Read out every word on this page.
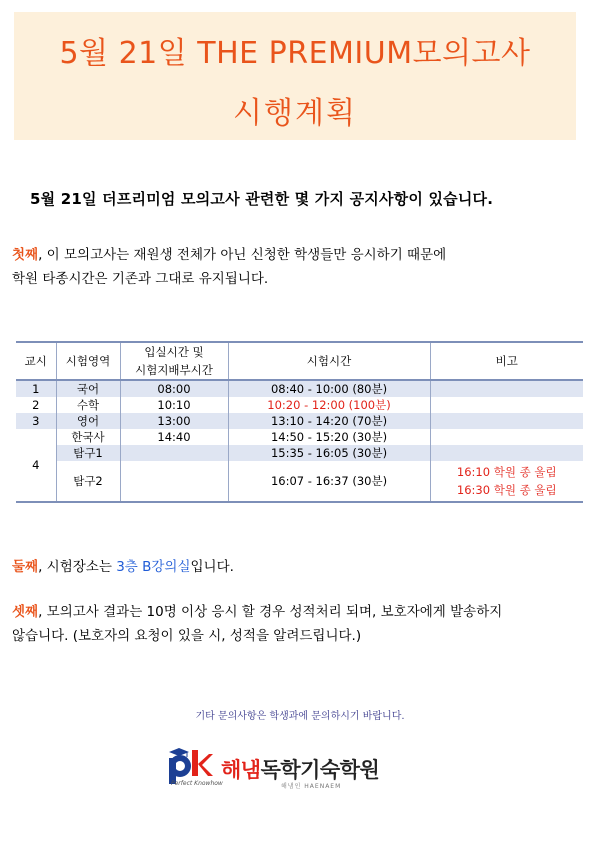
5월 21일 THE PREMIUM모의고사
시행계획
5월 21일 더프리미엄 모의고사 관련한 몇 가지 공지사항이 있습니다.
첫째, 이 모의고사는 재원생 전체가 아닌 신청한 학생들만 응시하기 때문에
학원 타종시간은 기존과 그대로 유지됩니다.
교시	시험영역	입실시간 및
시험지배부시간	시험시간	비고
1	국어	08:00	08:40 - 10:00 (80분)	
2	수학	10:10	10:20 - 12:00 (100분)	
3	영어	13:00	13:10 - 14:20 (70분)	
4	한국사	14:40	14:50 - 15:20 (30분)	
	탐구1		15:35 - 16:05 (30분)	
	탐구2		16:07 - 16:37 (30분)	16:10 학원 종 울림
16:30 학원 종 울림
둘째, 시험장소는 3층 B강의실입니다.
셋째, 모의고사 결과는 10명 이상 응시 할 경우 성적처리 되며, 보호자에게 발송하지
않습니다. (보호자의 요청이 있을 시, 성적을 알려드립니다.)
기타 문의사항은 학생과에 문의하시기 바랍니다.
Perfect Knowhow
해냄독학기숙학원
해냄인 HAENAEM
